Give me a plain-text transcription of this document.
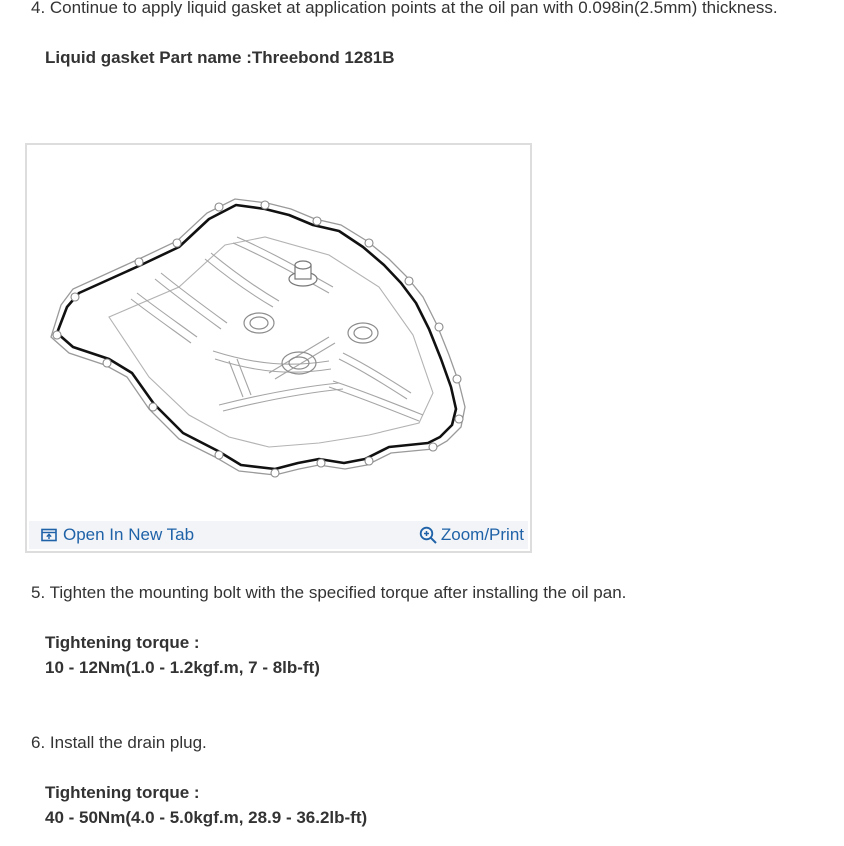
4. Continue to apply liquid gasket at application points at the oil pan with 0.098in(2.5mm) thickness.
Liquid gasket Part name :Threebond 1281B
Open In New Tab	Zoom/Print
5. Tighten the mounting bolt with the specified torque after installing the oil pan.
Tightening torque :
10 - 12Nm(1.0 - 1.2kgf.m, 7 - 8lb-ft)
6. Install the drain plug.
Tightening torque :
40 - 50Nm(4.0 - 5.0kgf.m, 28.9 - 36.2lb-ft)
